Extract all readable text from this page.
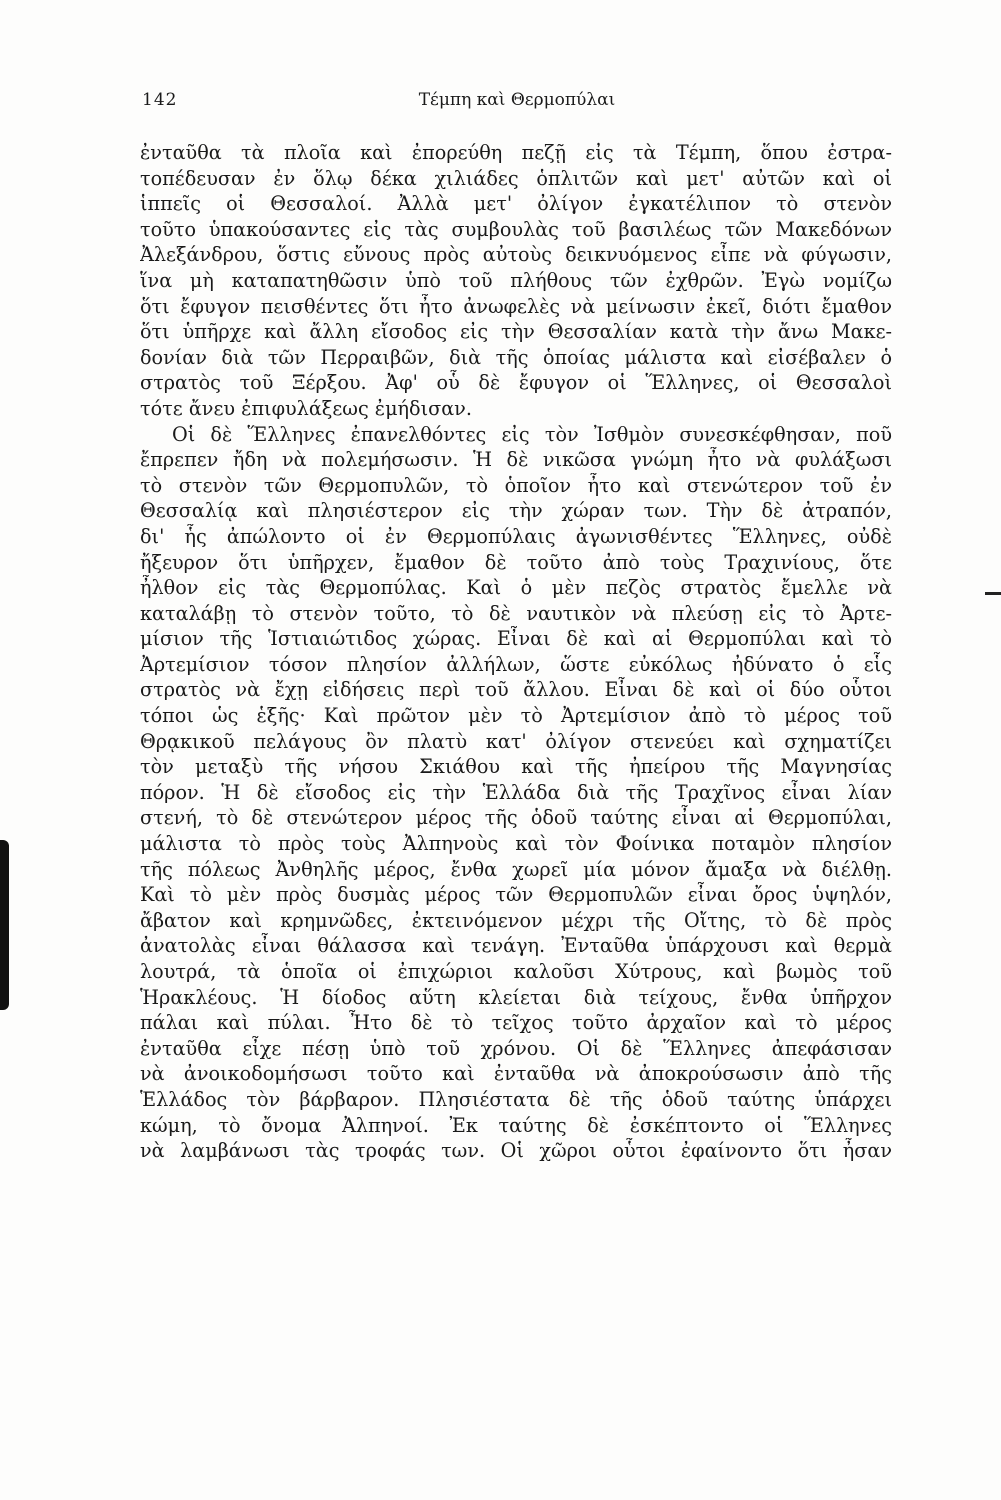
142	Τέμπη καὶ Θερμοπύλαι
ἐνταῦθα τὰ πλοῖα καὶ ἐπορεύθη πεζῇ εἰς τὰ Τέμπη, ὅπου ἐστρα-
τοπέδευσαν ἐν ὅλῳ δέκα χιλιάδες ὁπλιτῶν καὶ μετ' αὐτῶν καὶ οἱ
ἱππεῖς οἱ Θεσσαλοί. Ἀλλὰ μετ' ὀλίγον ἐγκατέλιπον τὸ στενὸν
τοῦτο ὑπακούσαντες εἰς τὰς συμβουλὰς τοῦ βασιλέως τῶν Μακεδόνων
Ἀλεξάνδρου, ὅστις εὔνους πρὸς αὐτοὺς δεικνυόμενος εἶπε νὰ φύγωσιν,
ἵνα μὴ καταπατηθῶσιν ὑπὸ τοῦ πλήθους τῶν ἐχθρῶν. Ἐγὼ νομίζω
ὅτι ἔφυγον πεισθέντες ὅτι ἦτο ἀνωφελὲς νὰ μείνωσιν ἐκεῖ, διότι ἔμαθον
ὅτι ὑπῆρχε καὶ ἄλλη εἴσοδος εἰς τὴν Θεσσαλίαν κατὰ τὴν ἄνω Μακε-
δονίαν διὰ τῶν Περραιβῶν, διὰ τῆς ὁποίας μάλιστα καὶ εἰσέβαλεν ὁ
στρατὸς τοῦ Ξέρξου. Ἀφ' οὗ δὲ ἔφυγον οἱ Ἕλληνες, οἱ Θεσσαλοὶ
τότε ἄνευ ἐπιφυλάξεως ἐμήδισαν.
Οἱ δὲ Ἕλληνες ἐπανελθόντες εἰς τὸν Ἰσθμὸν συνεσκέφθησαν, ποῦ
ἔπρεπεν ἤδη νὰ πολεμήσωσιν. Ἡ δὲ νικῶσα γνώμη ἦτο νὰ φυλάξωσι
τὸ στενὸν τῶν Θερμοπυλῶν, τὸ ὁποῖον ἦτο καὶ στενώτερον τοῦ ἐν
Θεσσαλίᾳ καὶ πλησιέστερον εἰς τὴν χώραν των. Τὴν δὲ ἀτραπόν,
δι' ἧς ἀπώλοντο οἱ ἐν Θερμοπύλαις ἀγωνισθέντες Ἕλληνες, οὐδὲ
ἤξευρον ὅτι ὑπῆρχεν, ἔμαθον δὲ τοῦτο ἀπὸ τοὺς Τραχινίους, ὅτε
ἦλθον εἰς τὰς Θερμοπύλας. Καὶ ὁ μὲν πεζὸς στρατὸς ἔμελλε νὰ
καταλάβῃ τὸ στενὸν τοῦτο, τὸ δὲ ναυτικὸν νὰ πλεύσῃ εἰς τὸ Ἀρτε-
μίσιον τῆς Ἱστιαιώτιδος χώρας. Εἶναι δὲ καὶ αἱ Θερμοπύλαι καὶ τὸ
Ἀρτεμίσιον τόσον πλησίον ἀλλήλων, ὥστε εὐκόλως ἠδύνατο ὁ εἷς
στρατὸς νὰ ἔχῃ εἰδήσεις περὶ τοῦ ἄλλου. Εἶναι δὲ καὶ οἱ δύο οὗτοι
τόποι ὡς ἑξῆς· Καὶ πρῶτον μὲν τὸ Ἀρτεμίσιον ἀπὸ τὸ μέρος τοῦ
Θρᾳκικοῦ πελάγους ὂν πλατὺ κατ' ὀλίγον στενεύει καὶ σχηματίζει
τὸν μεταξὺ τῆς νήσου Σκιάθου καὶ τῆς ἠπείρου τῆς Μαγνησίας
πόρον. Ἡ δὲ εἴσοδος εἰς τὴν Ἑλλάδα διὰ τῆς Τραχῖνος εἶναι λίαν
στενή, τὸ δὲ στενώτερον μέρος τῆς ὁδοῦ ταύτης εἶναι αἱ Θερμοπύλαι,
μάλιστα τὸ πρὸς τοὺς Ἀλπηνοὺς καὶ τὸν Φοίνικα ποταμὸν πλησίον
τῆς πόλεως Ἀνθηλῆς μέρος, ἔνθα χωρεῖ μία μόνον ἄμαξα νὰ διέλθῃ.
Καὶ τὸ μὲν πρὸς δυσμὰς μέρος τῶν Θερμοπυλῶν εἶναι ὄρος ὑψηλόν,
ἄβατον καὶ κρημνῶδες, ἐκτεινόμενον μέχρι τῆς Οἴτης, τὸ δὲ πρὸς
ἀνατολὰς εἶναι θάλασσα καὶ τενάγη. Ἐνταῦθα ὑπάρχουσι καὶ θερμὰ
λουτρά, τὰ ὁποῖα οἱ ἐπιχώριοι καλοῦσι Χύτρους, καὶ βωμὸς τοῦ
Ἡρακλέους. Ἡ δίοδος αὕτη κλείεται διὰ τείχους, ἔνθα ὑπῆρχον
πάλαι καὶ πύλαι. Ἦτο δὲ τὸ τεῖχος τοῦτο ἀρχαῖον καὶ τὸ μέρος
ἐνταῦθα εἶχε πέσῃ ὑπὸ τοῦ χρόνου. Οἱ δὲ Ἕλληνες ἀπεφάσισαν
νὰ ἀνοικοδομήσωσι τοῦτο καὶ ἐνταῦθα νὰ ἀποκρούσωσιν ἀπὸ τῆς
Ἑλλάδος τὸν βάρβαρον. Πλησιέστατα δὲ τῆς ὁδοῦ ταύτης ὑπάρχει
κώμη, τὸ ὄνομα Ἀλπηνοί. Ἐκ ταύτης δὲ ἐσκέπτοντο οἱ Ἕλληνες
νὰ λαμβάνωσι τὰς τροφάς των. Οἱ χῶροι οὗτοι ἐφαίνοντο ὅτι ἦσαν
